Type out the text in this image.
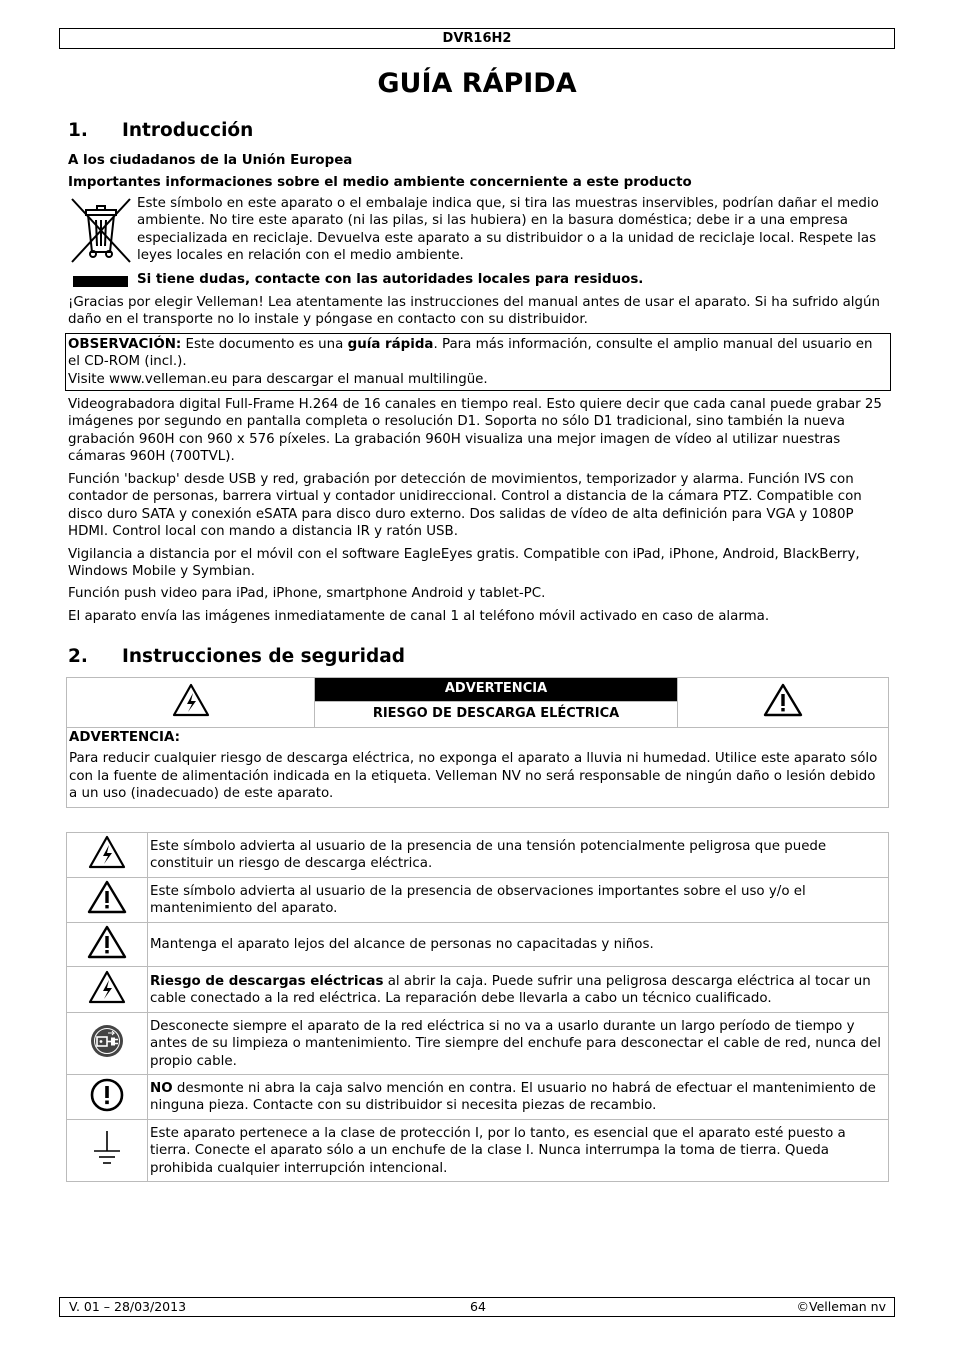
DVR16H2
GUÍA RÁPIDA
1. Introducción
A los ciudadanos de la Unión Europea
Importantes informaciones sobre el medio ambiente concerniente a este producto
Este símbolo en este aparato o el embalaje indica que, si tira las muestras inservibles, podrían dañar el medio ambiente. No tire este aparato (ni las pilas, si las hubiera) en la basura doméstica; debe ir a una empresa especializada en reciclaje. Devuelva este aparato a su distribuidor o a la unidad de reciclaje local. Respete las leyes locales en relación con el medio ambiente.
Si tiene dudas, contacte con las autoridades locales para residuos.
¡Gracias por elegir Velleman! Lea atentamente las instrucciones del manual antes de usar el aparato. Si ha sufrido algún daño en el transporte no lo instale y póngase en contacto con su distribuidor.
OBSERVACIÓN: Este documento es una guía rápida. Para más información, consulte el amplio manual del usuario en el CD-ROM (incl.).
Visite www.velleman.eu para descargar el manual multilingüe.
Videograbadora digital Full-Frame H.264 de 16 canales en tiempo real. Esto quiere decir que cada canal puede grabar 25 imágenes por segundo en pantalla completa o resolución D1. Soporta no sólo D1 tradicional, sino también la nueva grabación 960H con 960 x 576 píxeles. La grabación 960H visualiza una mejor imagen de vídeo al utilizar nuestras cámaras 960H (700TVL).
Función 'backup' desde USB y red, grabación por detección de movimientos, temporizador y alarma. Función IVS con contador de personas, barrera virtual y contador unidireccional. Control a distancia de la cámara PTZ. Compatible con disco duro SATA y conexión eSATA para disco duro externo. Dos salidas de vídeo de alta definición para VGA y 1080P HDMI. Control local con mando a distancia IR y ratón USB.
Vigilancia a distancia por el móvil con el software EagleEyes gratis. Compatible con iPad, iPhone, Android, BlackBerry, Windows Mobile y Symbian.
Función push video para iPad, iPhone, smartphone Android y tablet-PC.
El aparato envía las imágenes inmediatamente de canal 1 al teléfono móvil activado en caso de alarma.
2. Instrucciones de seguridad
	ADVERTENCIA	

RIESGO DE DESCARGA ELÉCTRICA

ADVERTENCIA:
Para reducir cualquier riesgo de descarga eléctrica, no exponga el aparato a lluvia ni humedad. Utilice este aparato sólo con la fuente de alimentación indicada en la etiqueta. Velleman NV no será responsable de ningún daño o lesión debido a un uso (inadecuado) de este aparato.
	Este símbolo advierta al usuario de la presencia de una tensión potencialmente peligrosa que puede constituir un riesgo de descarga eléctrica.
	Este símbolo advierta al usuario de la presencia de observaciones importantes sobre el uso y/o el mantenimiento del aparato.
	Mantenga el aparato lejos del alcance de personas no capacitadas y niños.
	Riesgo de descargas eléctricas al abrir la caja. Puede sufrir una peligrosa descarga eléctrica al tocar un cable conectado a la red eléctrica. La reparación debe llevarla a cabo un técnico cualificado.
	Desconecte siempre el aparato de la red eléctrica si no va a usarlo durante un largo período de tiempo y antes de su limpieza o mantenimiento. Tire siempre del enchufe para desconectar el cable de red, nunca del propio cable.
	NO desmonte ni abra la caja salvo mención en contra. El usuario no habrá de efectuar el mantenimiento de ninguna pieza. Contacte con su distribuidor si necesita piezas de recambio.
	Este aparato pertenece a la clase de protección I, por lo tanto, es esencial que el aparato esté puesto a tierra. Conecte el aparato sólo a un enchufe de la clase I. Nunca interrumpa la toma de tierra. Queda prohibida cualquier interrupción intencional.
V. 01 – 28/03/2013	64	©Velleman nv
